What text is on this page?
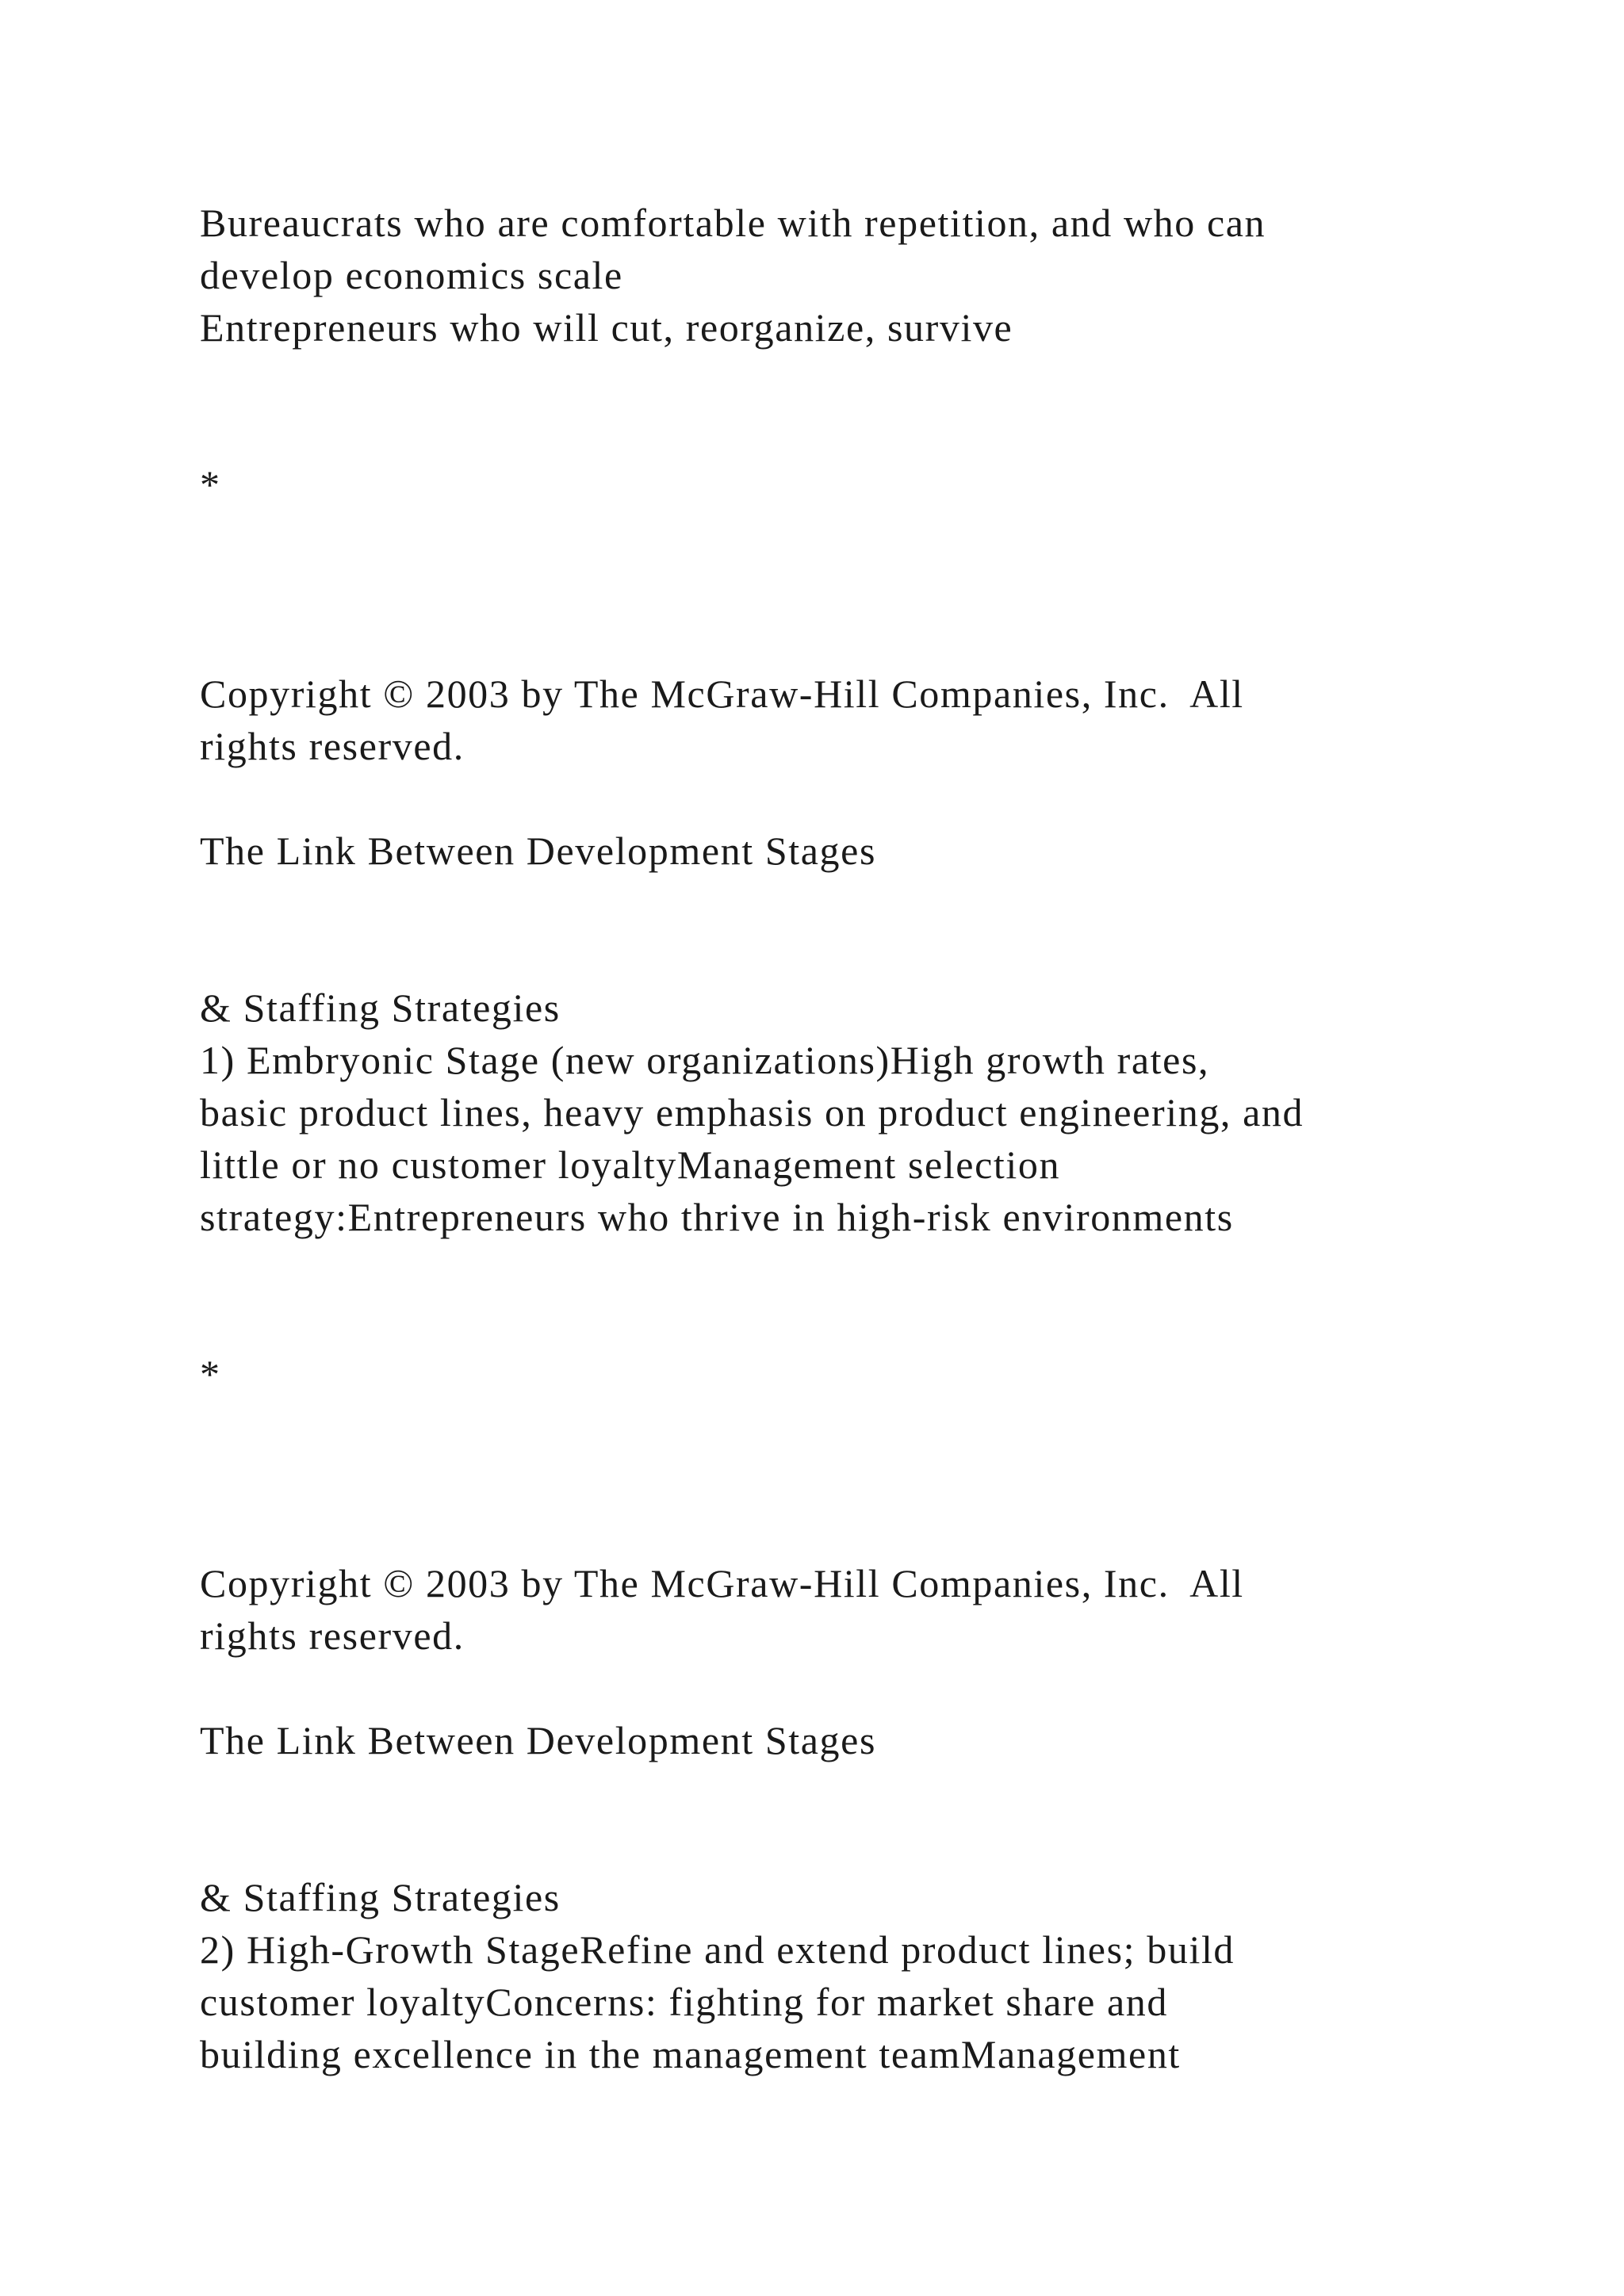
Bureaucrats who are comfortable with repetition, and who can

develop economics scale

Entrepreneurs who will cut, reorganize, survive

*

Copyright © 2003 by The McGraw-Hill Companies, Inc.  All

rights reserved.

The Link Between Development Stages

& Staffing Strategies

1) Embryonic Stage (new organizations)High growth rates,

basic product lines, heavy emphasis on product engineering, and

little or no customer loyaltyManagement selection

strategy:Entrepreneurs who thrive in high-risk environments

*

Copyright © 2003 by The McGraw-Hill Companies, Inc.  All

rights reserved.

The Link Between Development Stages

& Staffing Strategies

2) High-Growth StageRefine and extend product lines; build

customer loyaltyConcerns: fighting for market share and

building excellence in the management teamManagement
